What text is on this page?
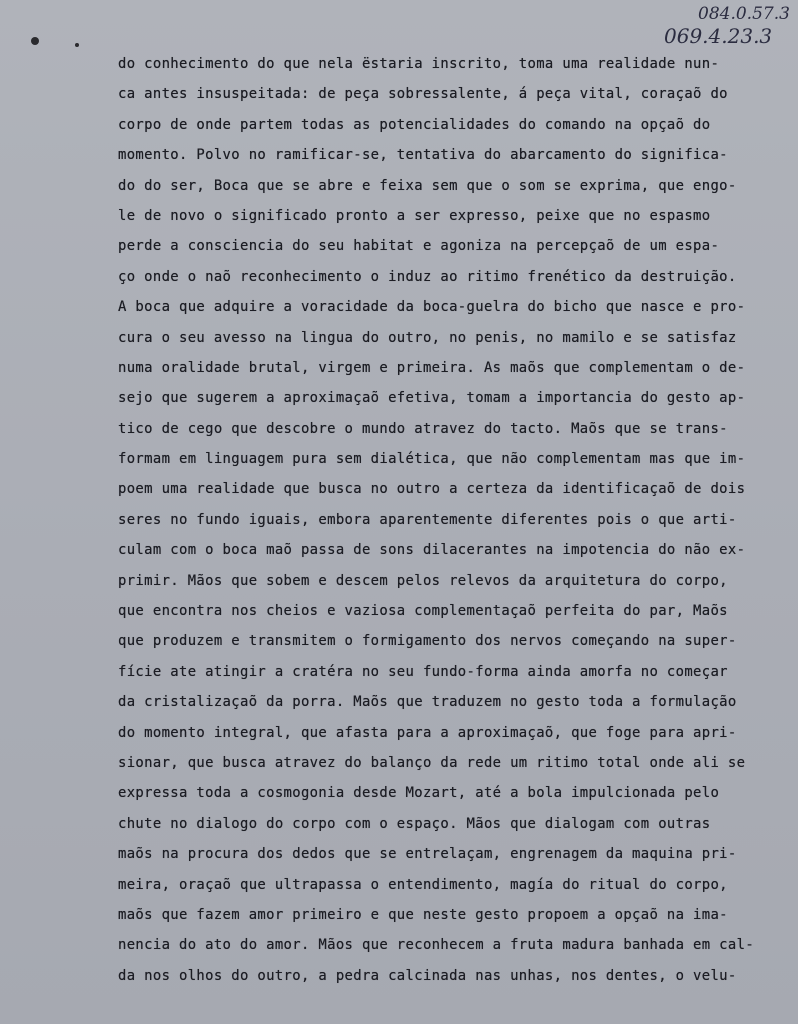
084.0.57.3
069.4.23.3
do conhecimento do que nela ëstaria inscrito, toma uma realidade nun-
ca antes insuspeitada: de peça sobressalente, á peça vital, coraçaõ do
corpo de onde partem todas as potencialidades do comando na opçaõ do
momento. Polvo no ramificar-se, tentativa do abarcamento do significa-
do do ser, Boca que se abre e feixa sem que o som se exprima, que engo-
le de novo o significado pronto a ser expresso, peixe que no espasmo
perde a consciencia do seu habitat e agoniza na percepçaõ de um espa-
ço onde o naõ reconhecimento o induz ao ritimo frenético da destruição.
A boca que adquire a voracidade da boca-guelra do bicho que nasce e pro-
cura o seu avesso na lingua do outro, no penis, no mamilo e se satisfaz
numa oralidade brutal, virgem e primeira. As maõs que complementam o de-
sejo que sugerem a aproximaçaõ efetiva, tomam a importancia do gesto ap-
tico de cego que descobre o mundo atravez do tacto. Maõs que se trans-
formam em linguagem pura sem dialética, que não complementam mas que im-
poem uma realidade que busca no outro a certeza da identificaçaõ de dois
seres no fundo iguais, embora aparentemente diferentes pois o que arti-
culam com o boca maõ passa de sons dilacerantes na impotencia do não ex-
primir. Mãos que sobem e descem pelos relevos da arquitetura do corpo,
que encontra nos cheios e vaziosa complementaçaõ perfeita do par, Maõs
que produzem e transmitem o formigamento dos nervos começando na super-
fície ate atingir a cratéra no seu fundo-forma ainda amorfa no começar
da cristalizaçaõ da porra. Maõs que traduzem no gesto toda a formulação
do momento integral, que afasta para a aproximaçaõ, que foge para apri-
sionar, que busca atravez do balanço da rede um ritimo total onde ali se
expressa toda a cosmogonia desde Mozart, até a bola impulcionada pelo
chute no dialogo do corpo com o espaço. Mãos que dialogam com outras
maõs na procura dos dedos que se entrelaçam, engrenagem da maquina pri-
meira, oraçaõ que ultrapassa o entendimento, magía do ritual do corpo,
maõs que fazem amor primeiro e que neste gesto propoem a opçaõ na ima-
nencia do ato do amor. Mãos que reconhecem a fruta madura banhada em cal-
da nos olhos do outro, a pedra calcinada nas unhas, nos dentes, o velu-
